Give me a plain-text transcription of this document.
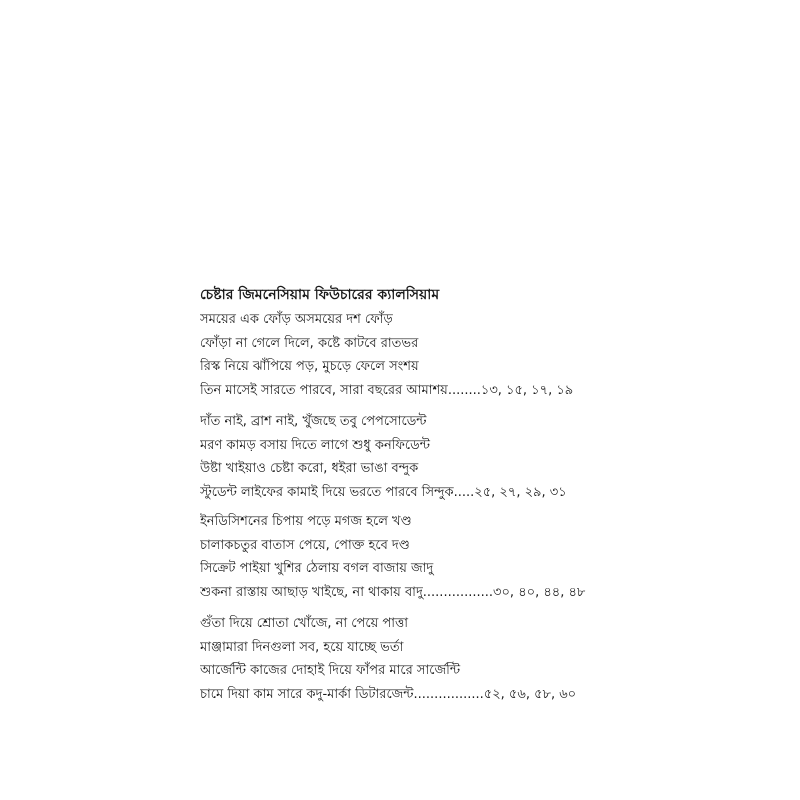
চেষ্টার জিমনেসিয়াম ফিউচারের ক্যালসিয়াম
সময়ের এক ফোঁড় অসময়ের দশ ফোঁড়
ফোঁড়া না গেলে দিলে, কষ্টে কাটবে রাতভর
রিস্ক নিয়ে ঝাঁপিয়ে পড়, মুচড়ে ফেলে সংশয়
তিন মাসেই সারতে পারবে, সারা বছরের আমাশয়........১৩, ১৫, ১৭, ১৯
দাঁত নাই, ব্রাশ নাই, খুঁজছে তবু পেপসোডেন্ট
মরণ কামড় বসায় দিতে লাগে শুধু কনফিডেন্ট
উষ্টা খাইয়াও চেষ্টা করো, ধইরা ভাঙা বন্দুক
স্টুডেন্ট লাইফের কামাই দিয়ে ভরতে পারবে সিন্দুক.....২৫, ২৭, ২৯, ৩১
ইনডিসিশনের চিপায় পড়ে মগজ হলে খণ্ড
চালাকচতুর বাতাস পেয়ে, পোক্ত হবে দণ্ড
সিক্রেট পাইয়া খুশির ঠেলায় বগল বাজায় জাদু
শুকনা রাস্তায় আছাড় খাইছে, না থাকায় বাদু.................৩০, ৪০, ৪৪, ৪৮
গুঁতা দিয়ে শ্রোতা খোঁজে, না পেয়ে পাত্তা
মাঞ্জামারা দিনগুলা সব, হয়ে যাচ্ছে ভর্তা
আর্জেন্টি কাজের দোহাই দিয়ে ফাঁপর মারে সার্জেন্টি
চামে দিয়া কাম সারে কদু-মার্কা ডিটারজেন্ট.................৫২, ৫৬, ৫৮, ৬০
